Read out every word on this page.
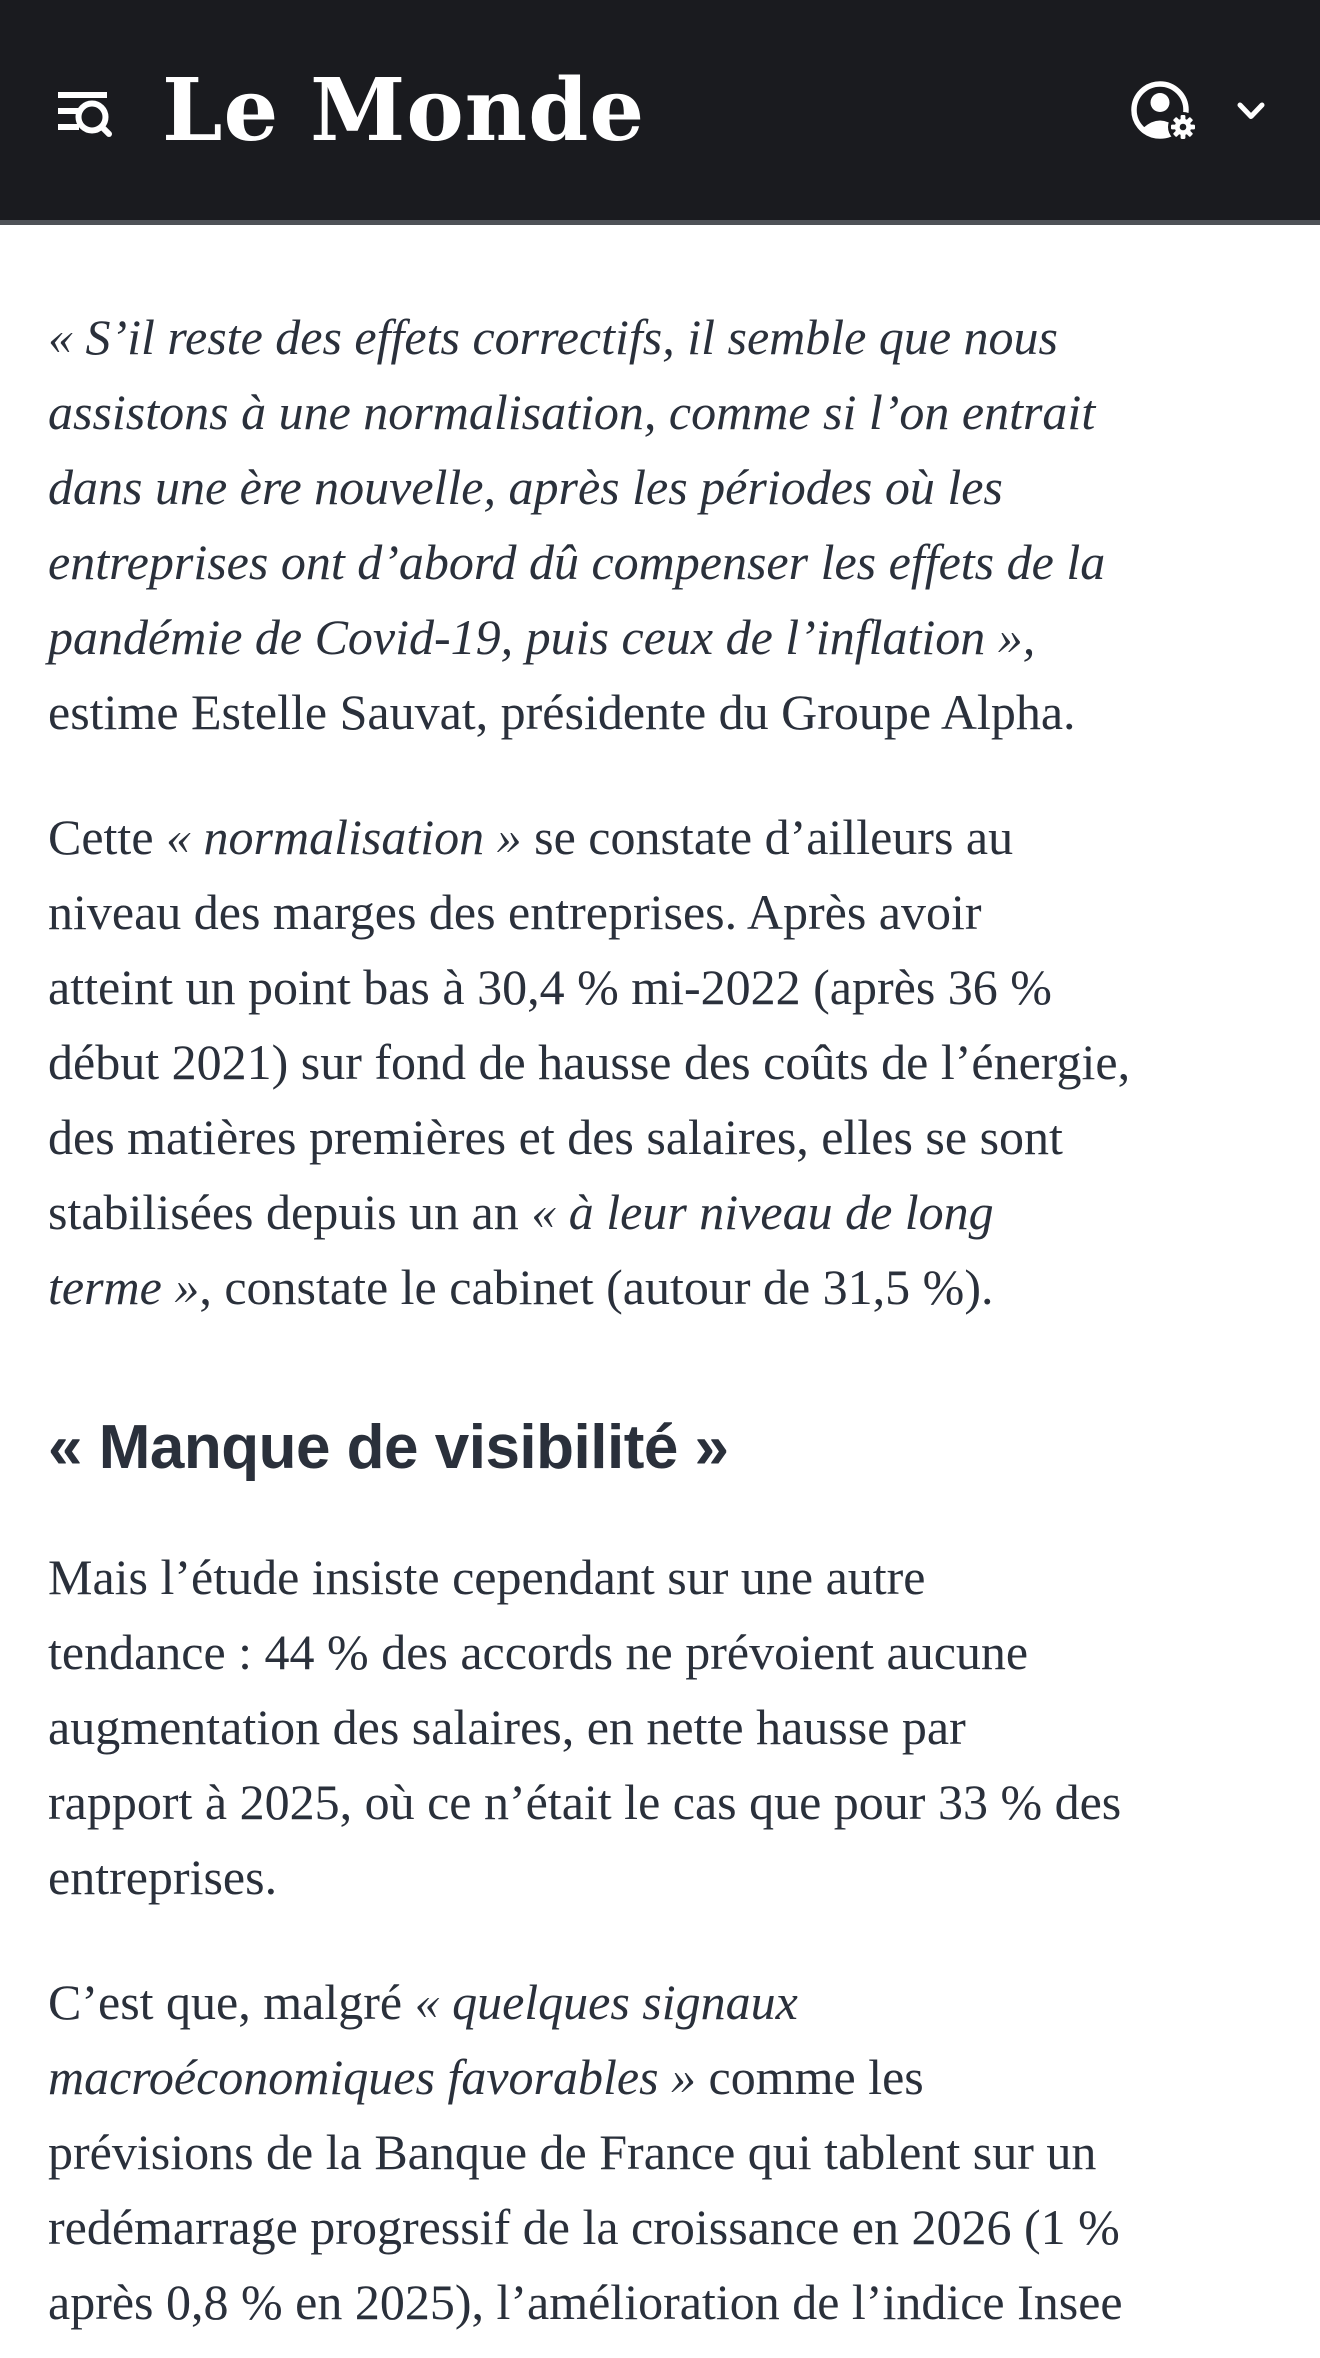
Le Monde

« S’il reste des effets correctifs, il semble que nous
assistons à une normalisation, comme si l’on entrait
dans une ère nouvelle, après les périodes où les
entreprises ont d’abord dû compenser les effets de la
pandémie de Covid-19, puis ceux de l’inflation »,
estime Estelle Sauvat, présidente du Groupe Alpha.

Cette « normalisation » se constate d’ailleurs au
niveau des marges des entreprises. Après avoir
atteint un point bas à 30,4 % mi-2022 (après 36 %
début 2021) sur fond de hausse des coûts de l’énergie,
des matières premières et des salaires, elles se sont
stabilisées depuis un an « à leur niveau de long
terme », constate le cabinet (autour de 31,5 %).

« Manque de visibilité »

Mais l’étude insiste cependant sur une autre
tendance : 44 % des accords ne prévoient aucune
augmentation des salaires, en nette hausse par
rapport à 2025, où ce n’était le cas que pour 33 % des
entreprises.

C’est que, malgré « quelques signaux
macroéconomiques favorables » comme les
prévisions de la Banque de France qui tablent sur un
redémarrage progressif de la croissance en 2026 (1 %
après 0,8 % en 2025), l’amélioration de l’indice Insee
